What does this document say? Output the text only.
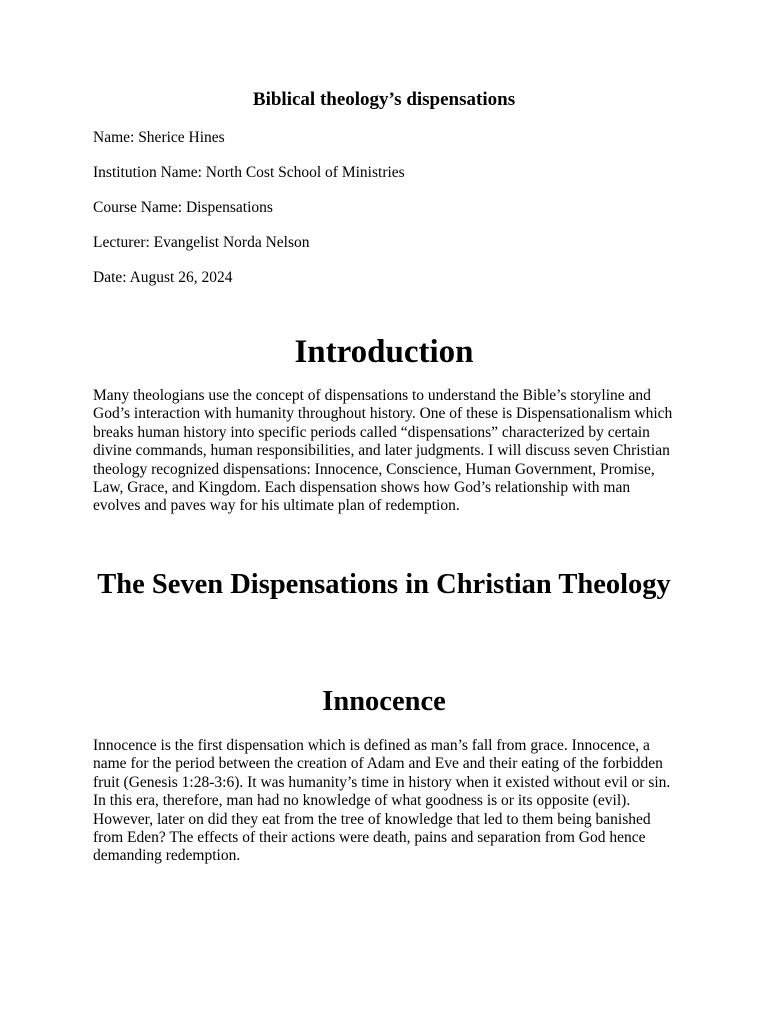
Biblical theology’s dispensations

Name: Sherice Hines

Institution Name: North Cost School of Ministries

Course Name: Dispensations

Lecturer: Evangelist Norda Nelson

Date: August 26, 2024

Introduction

Many theologians use the concept of dispensations to understand the Bible’s storyline and God’s interaction with humanity throughout history. One of these is Dispensationalism which breaks human history into specific periods called “dispensations” characterized by certain divine commands, human responsibilities, and later judgments. I will discuss seven Christian theology recognized dispensations: Innocence, Conscience, Human Government, Promise, Law, Grace, and Kingdom. Each dispensation shows how God’s relationship with man evolves and paves way for his ultimate plan of redemption.

The Seven Dispensations in Christian Theology
Innocence

Innocence is the first dispensation which is defined as man’s fall from grace. Innocence, a name for the period between the creation of Adam and Eve and their eating of the forbidden fruit (Genesis 1:28-3:6). It was humanity’s time in history when it existed without evil or sin. In this era, therefore, man had no knowledge of what goodness is or its opposite (evil). However, later on did they eat from the tree of knowledge that led to them being banished from Eden? The effects of their actions were death, pains and separation from God hence demanding redemption.
